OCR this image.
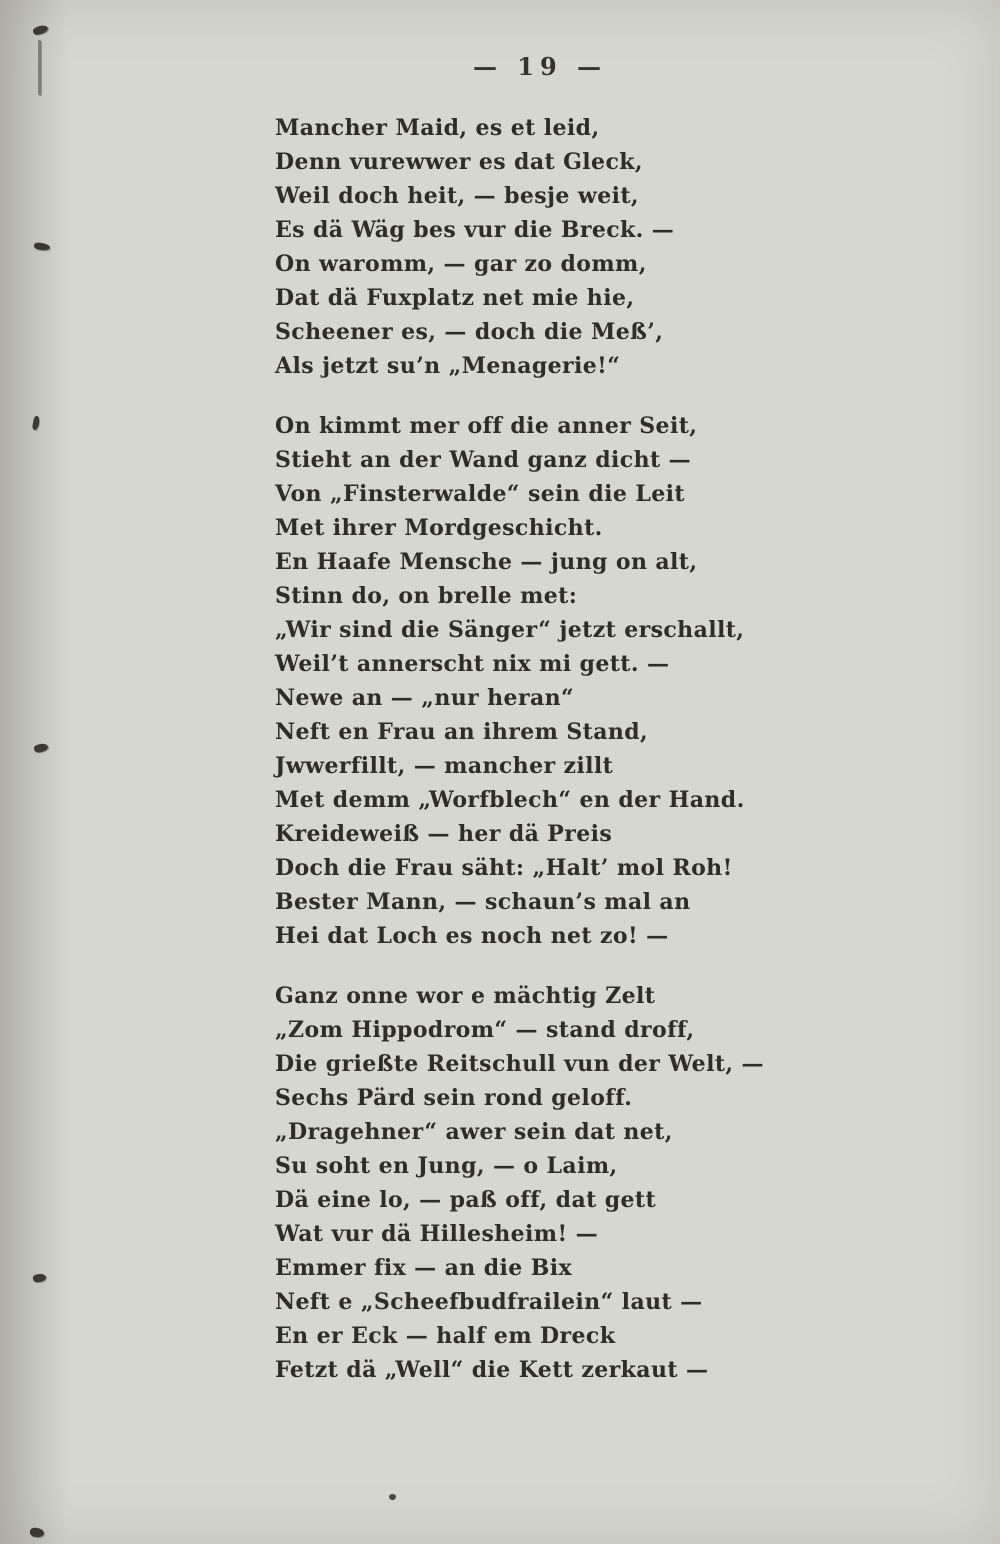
— 19 —
Mancher Maid, es et leid,
Denn vurewwer es dat Gleck,
Weil doch heit, — besje weit,
Es dä Wäg bes vur die Breck. —
On waromm, — gar zo domm,
Dat dä Fuxplatz net mie hie,
Scheener es, — doch die Meß’,
Als jetzt su’n „Menagerie!“
On kimmt mer off die anner Seit,
Stieht an der Wand ganz dicht —
Von „Finsterwalde“ sein die Leit
Met ihrer Mordgeschicht.
En Haafe Mensche — jung on alt,
Stinn do, on brelle met:
„Wir sind die Sänger“ jetzt erschallt,
Weil’t annerscht nix mi gett. —
Newe an — „nur heran“
Neft en Frau an ihrem Stand,
Jwwerfillt, — mancher zillt
Met demm „Worfblech“ en der Hand.
Kreideweiß — her dä Preis
Doch die Frau säht: „Halt’ mol Roh!
Bester Mann, — schaun’s mal an
Hei dat Loch es noch net zo! —
Ganz onne wor e mächtig Zelt
„Zom Hippodrom“ — stand droff,
Die grießte Reitschull vun der Welt, —
Sechs Pärd sein rond geloff.
„Dragehner“ awer sein dat net,
Su soht en Jung, — o Laim,
Dä eine lo, — paß off, dat gett
Wat vur dä Hillesheim! —
Emmer fix — an die Bix
Neft e „Scheefbudfrailein“ laut —
En er Eck — half em Dreck
Fetzt dä „Well“ die Kett zerkaut —
